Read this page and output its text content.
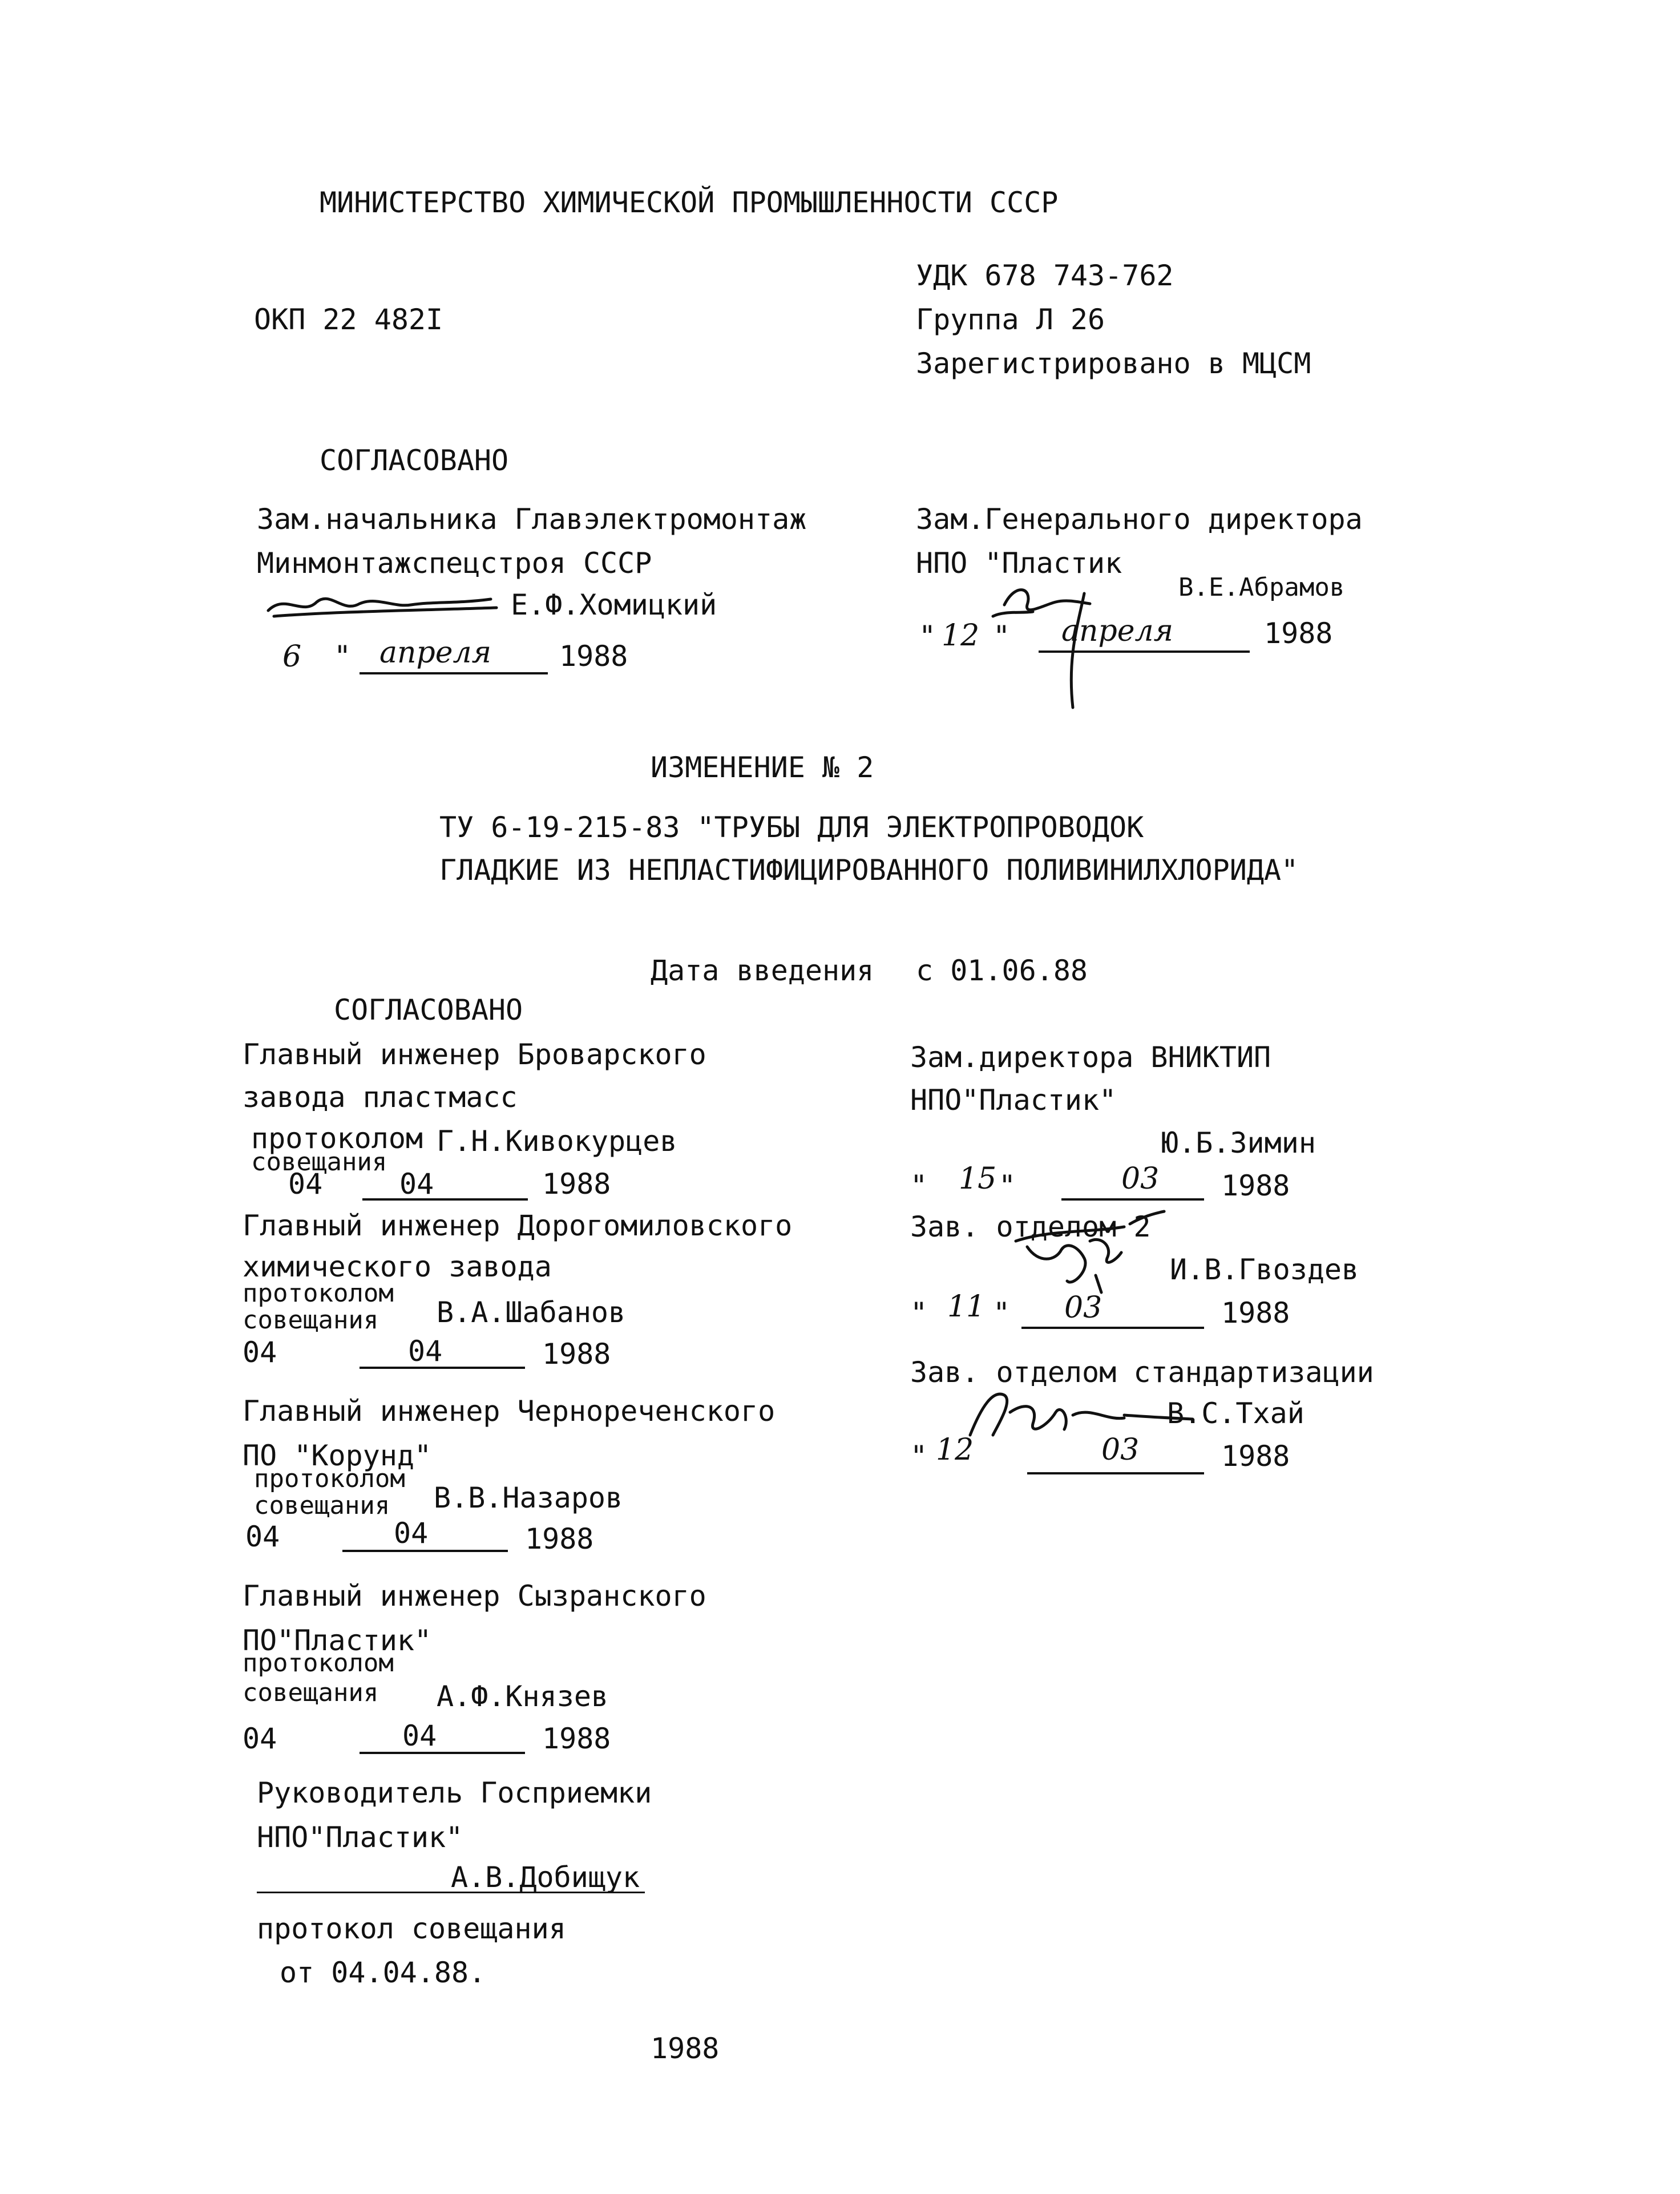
МИНИСТЕРСТВО ХИМИЧЕСКОЙ ПРОМЫШЛЕННОСТИ СССР
ОКП 22 482I
УДК 678 743-762
Группа Л 26
Зарегистрировано в МЦСМ
СОГЛАСОВАНО
Зам.начальника Главэлектромонтаж
Минмонтажспецстроя СССР
Е.Ф.Хомицкий
6 " апреля 1988
Зам.Генерального директора
НПО "Пластик
В.Е.Абрамов
" 12 " апреля	1988
ИЗМЕНЕНИЕ № 2
ТУ 6-19-215-83 "ТРУБЫ ДЛЯ ЭЛЕКТРОПРОВОДОК
ГЛАДКИЕ ИЗ НЕПЛАСТИФИЦИРОВАННОГО ПОЛИВИНИЛХЛОРИДА"
Дата введения с 01.06.88
СОГЛАСОВАНО
Главный инженер Броварского
завода пластмасс
протоколом Г.Н.Кивокурцев
совещания
04	04	1988
Главный инженер Дорогомиловского
химического завода
протоколом
совещания В.А.Шабанов
04	04	1988
Главный инженер Черноречeнского
ПО "Корунд"
протоколом
совещания В.В.Назаров
04	04	1988
Главный инженер Сызранского
ПО"Пластик"
протоколом
совещания А.Ф.Князев
04	04	1988
Руководитель Госприемки
НПО"Пластик"
А.В.Добищук
протокол совещания
от 04.04.88.
Зам.директора ВНИКТИП
НПО"Пластик"
Ю.Б.Зимин
" 15 "	03 1988
Зав. отделом 2
И.В.Гвоздев
" 11 " 03	1988
Зав. отделом стандартизации
В.С.Тхай
" 12	03	1988
1988
